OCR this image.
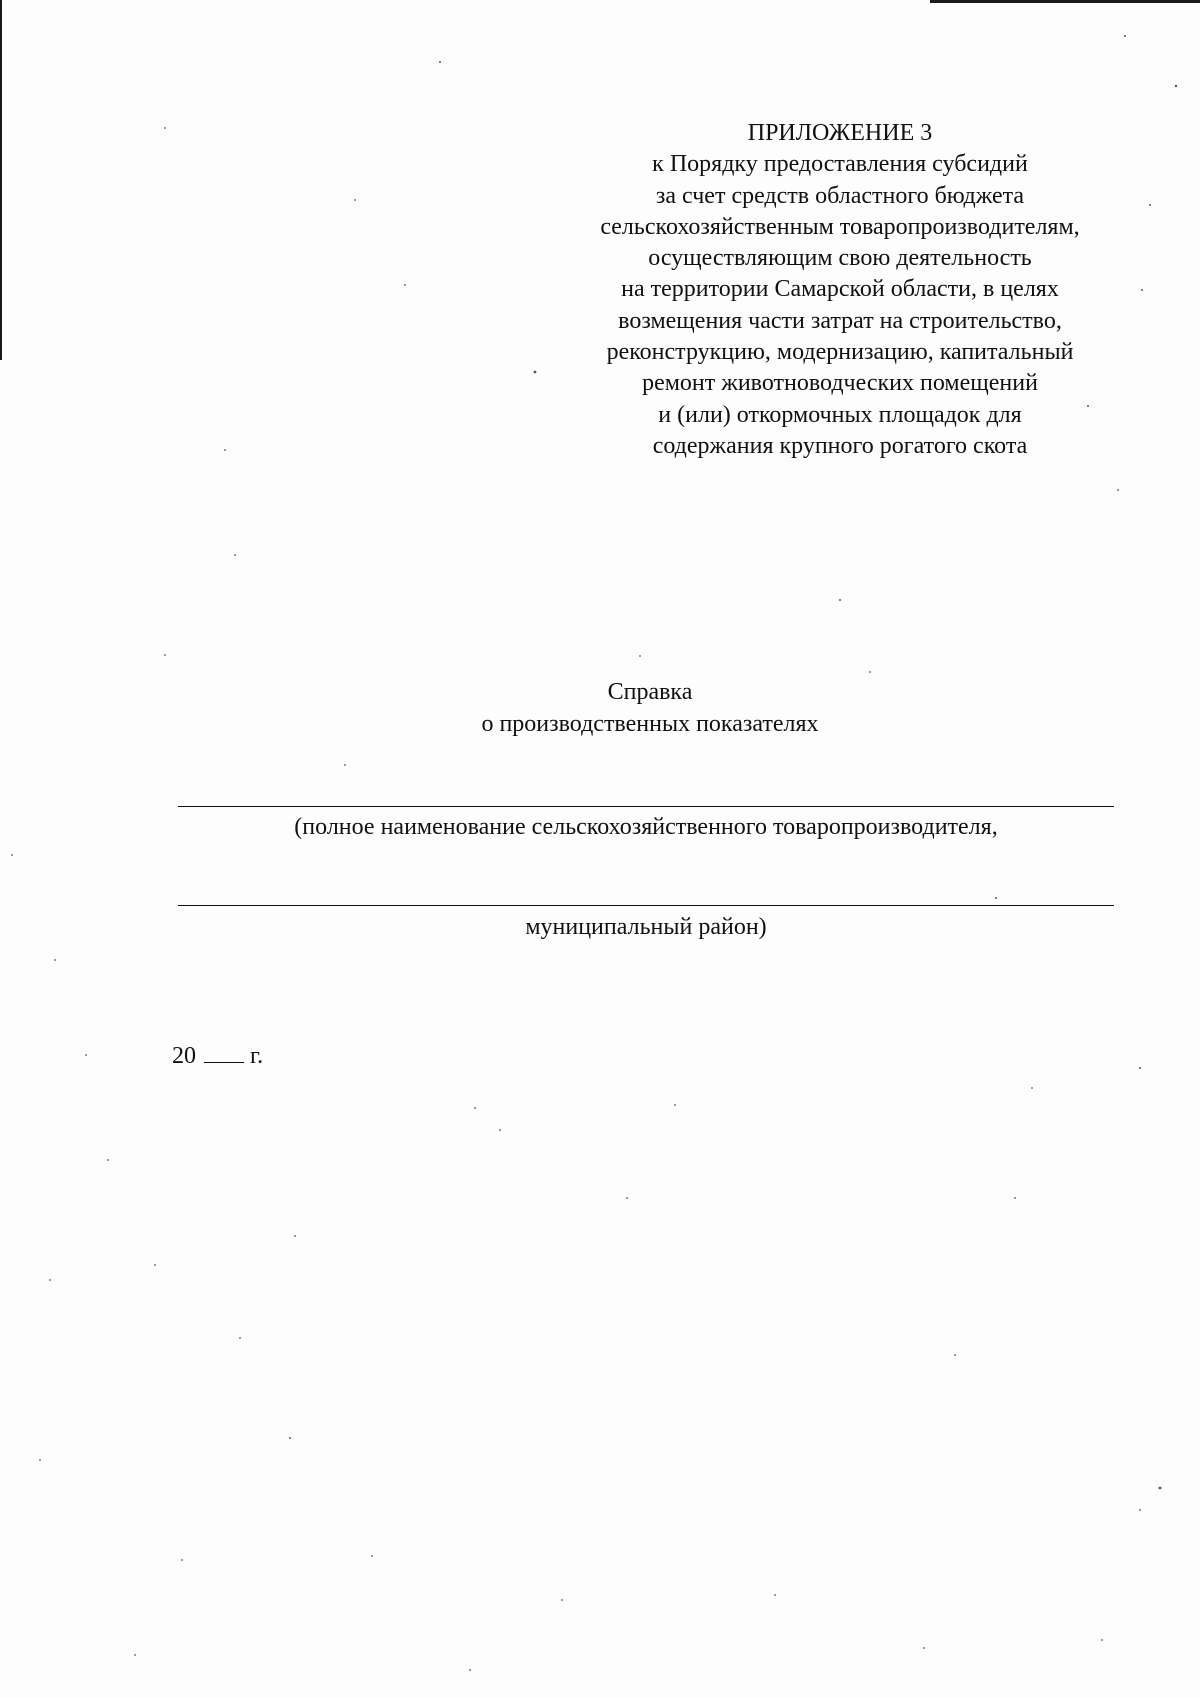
ПРИЛОЖЕНИЕ 3
к Порядку предоставления субсидий
за счет средств областного бюджета
сельскохозяйственным товаропроизводителям,
осуществляющим свою деятельность
на территории Самарской области, в целях
возмещения части затрат на строительство,
реконструкцию, модернизацию, капитальный
ремонт животноводческих помещений
и (или) откормочных площадок для
содержания крупного рогатого скота
Справка
о производственных показателях
(полное наименование сельскохозяйственного товаропроизводителя,
муниципальный район)
20 г.
